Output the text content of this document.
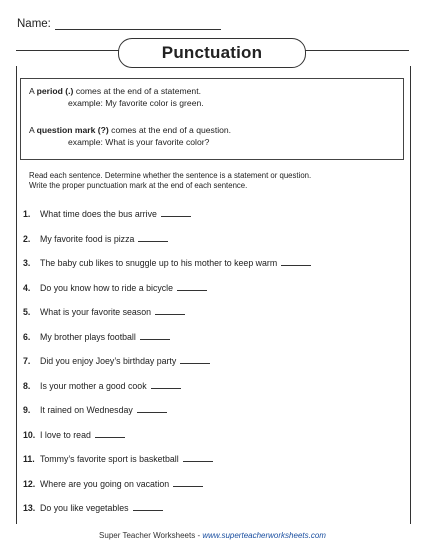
Name:
Punctuation

A period (.) comes at the end of a statement.

example: My favorite color is green.

A question mark (?) comes at the end of a question.

example: What is your favorite color?

Read each sentence. Determine whether the sentence is a statement or question.
Write the proper punctuation mark at the end of each sentence.
1. What time does the bus arrive
2. My favorite food is pizza
3. The baby cub likes to snuggle up to his mother to keep warm
4. Do you know how to ride a bicycle
5. What is your favorite season
6. My brother plays football
7. Did you enjoy Joey’s birthday party
8. Is your mother a good cook
9. It rained on Wednesday
10. I love to read
11. Tommy’s favorite sport is basketball
12. Where are you going on vacation
13. Do you like vegetables
Super Teacher Worksheets - www.superteacherworksheets.com
